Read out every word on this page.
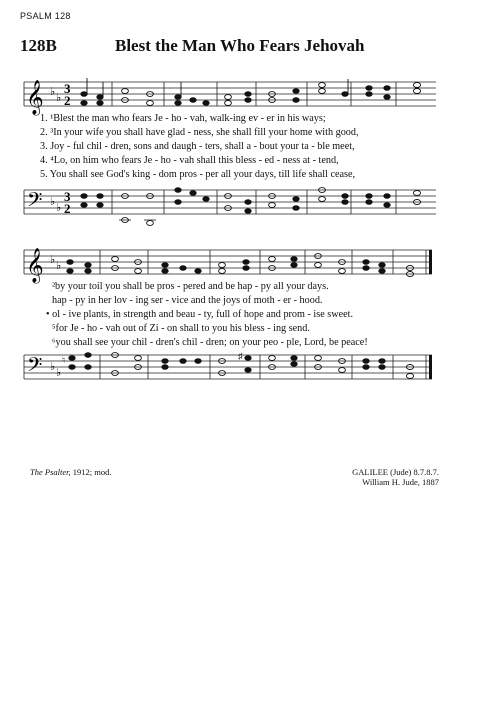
PSALM 128
128B	Blest the Man Who Fears Jehovah
𝄞 ♭ ♭
3
2
1. ¹Blest the man who fears Je - ho - vah, walk-ing ev - er in his ways;
2. ³In your wife you shall have glad - ness, she shall fill your home with good,
3. Joy - ful chil - dren, sons and daugh - ters, shall a - bout your ta - ble meet,
4. ⁴Lo, on him who fears Je - ho - vah shall this bless - ed - ness at - tend,
5. You shall see God's king - dom pros - per all your days, till life shall cease,
𝄢 ♭ ♭
3
2
𝄞 ♭ ♭
²by your toil you shall be pros - pered and be hap - py all your days.
hap - py in her lov - ing ser - vice and the joys of moth - er - hood.
• ol - ive plants, in strength and beau - ty, full of hope and prom - ise sweet.
⁵for Je - ho - vah out of Zi - on shall to you his bless - ing send.
⁶you shall see your chil - dren's chil - dren; on your peo - ple, Lord, be peace!
𝄢 ♭ ♭
♮	♯
The Psalter, 1912; mod.	GALILEE (Jude) 8.7.8.7.
William H. Jude, 1887
